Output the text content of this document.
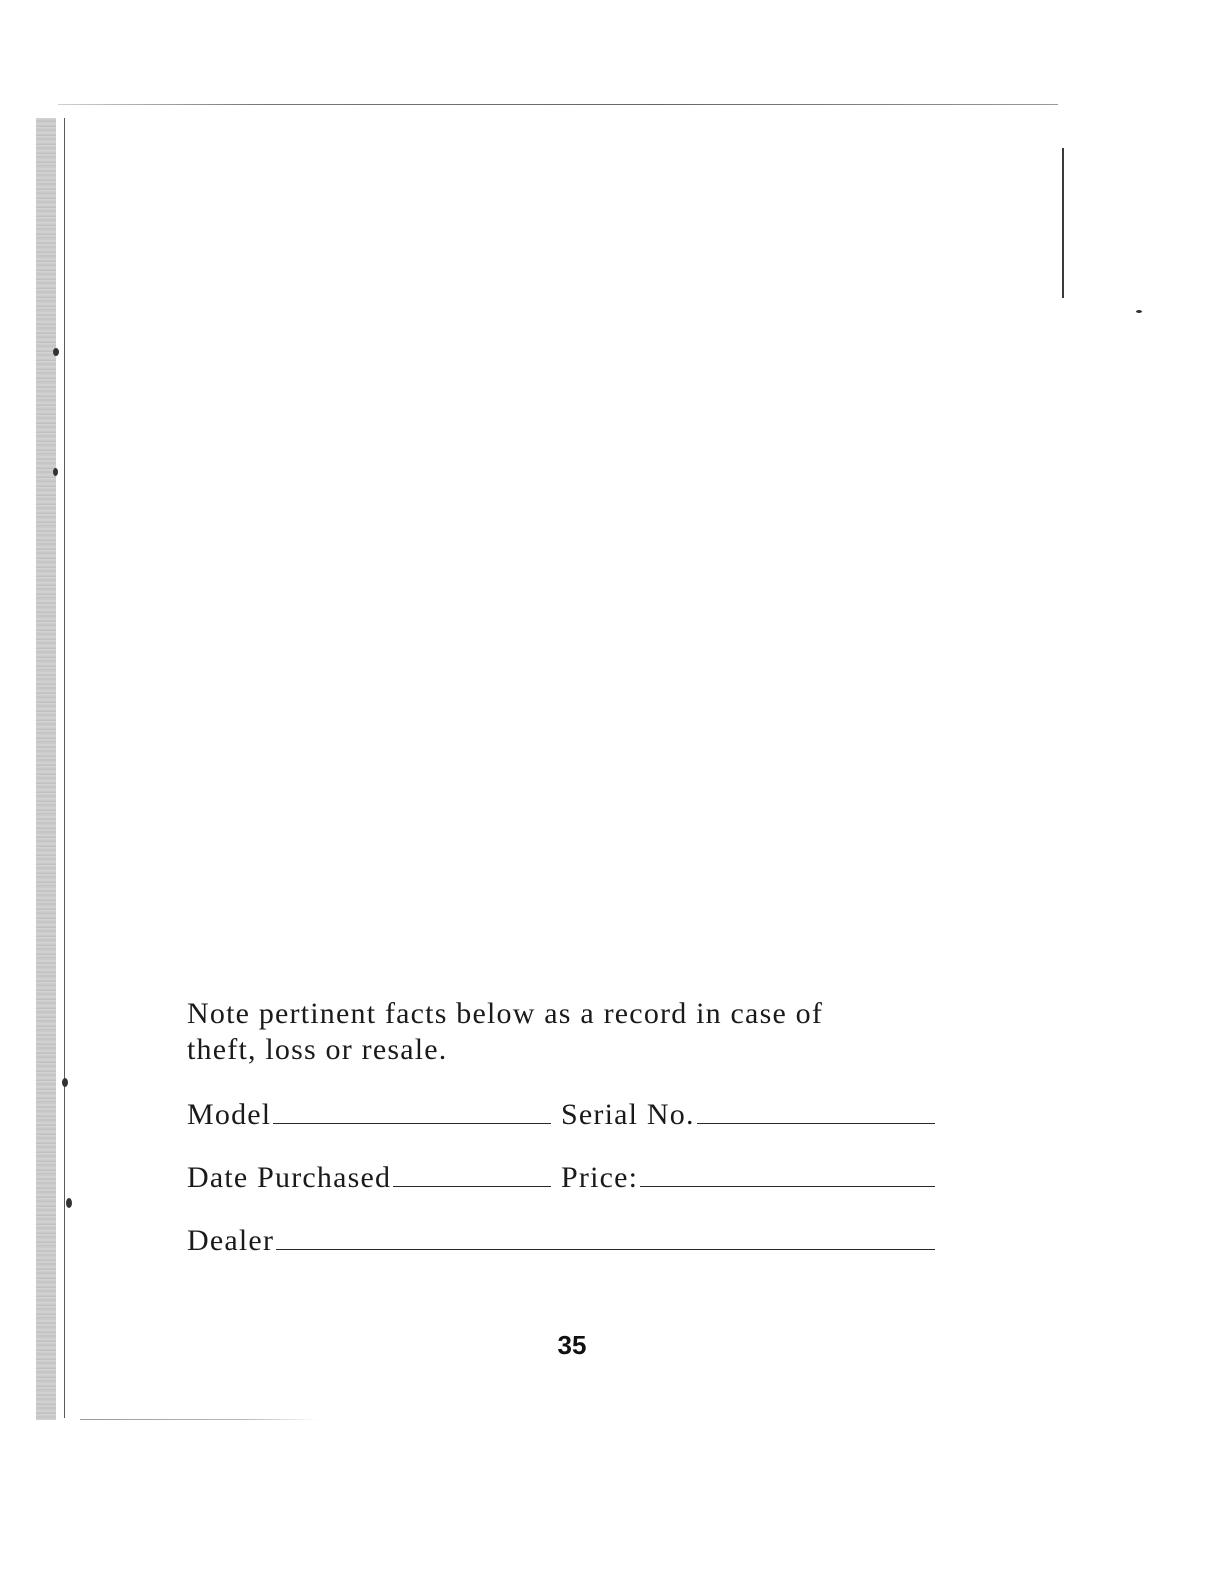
Note pertinent facts below as a record in case of
theft, loss or resale.

Model	Serial No.
Date Purchased	Price:
Dealer
35
